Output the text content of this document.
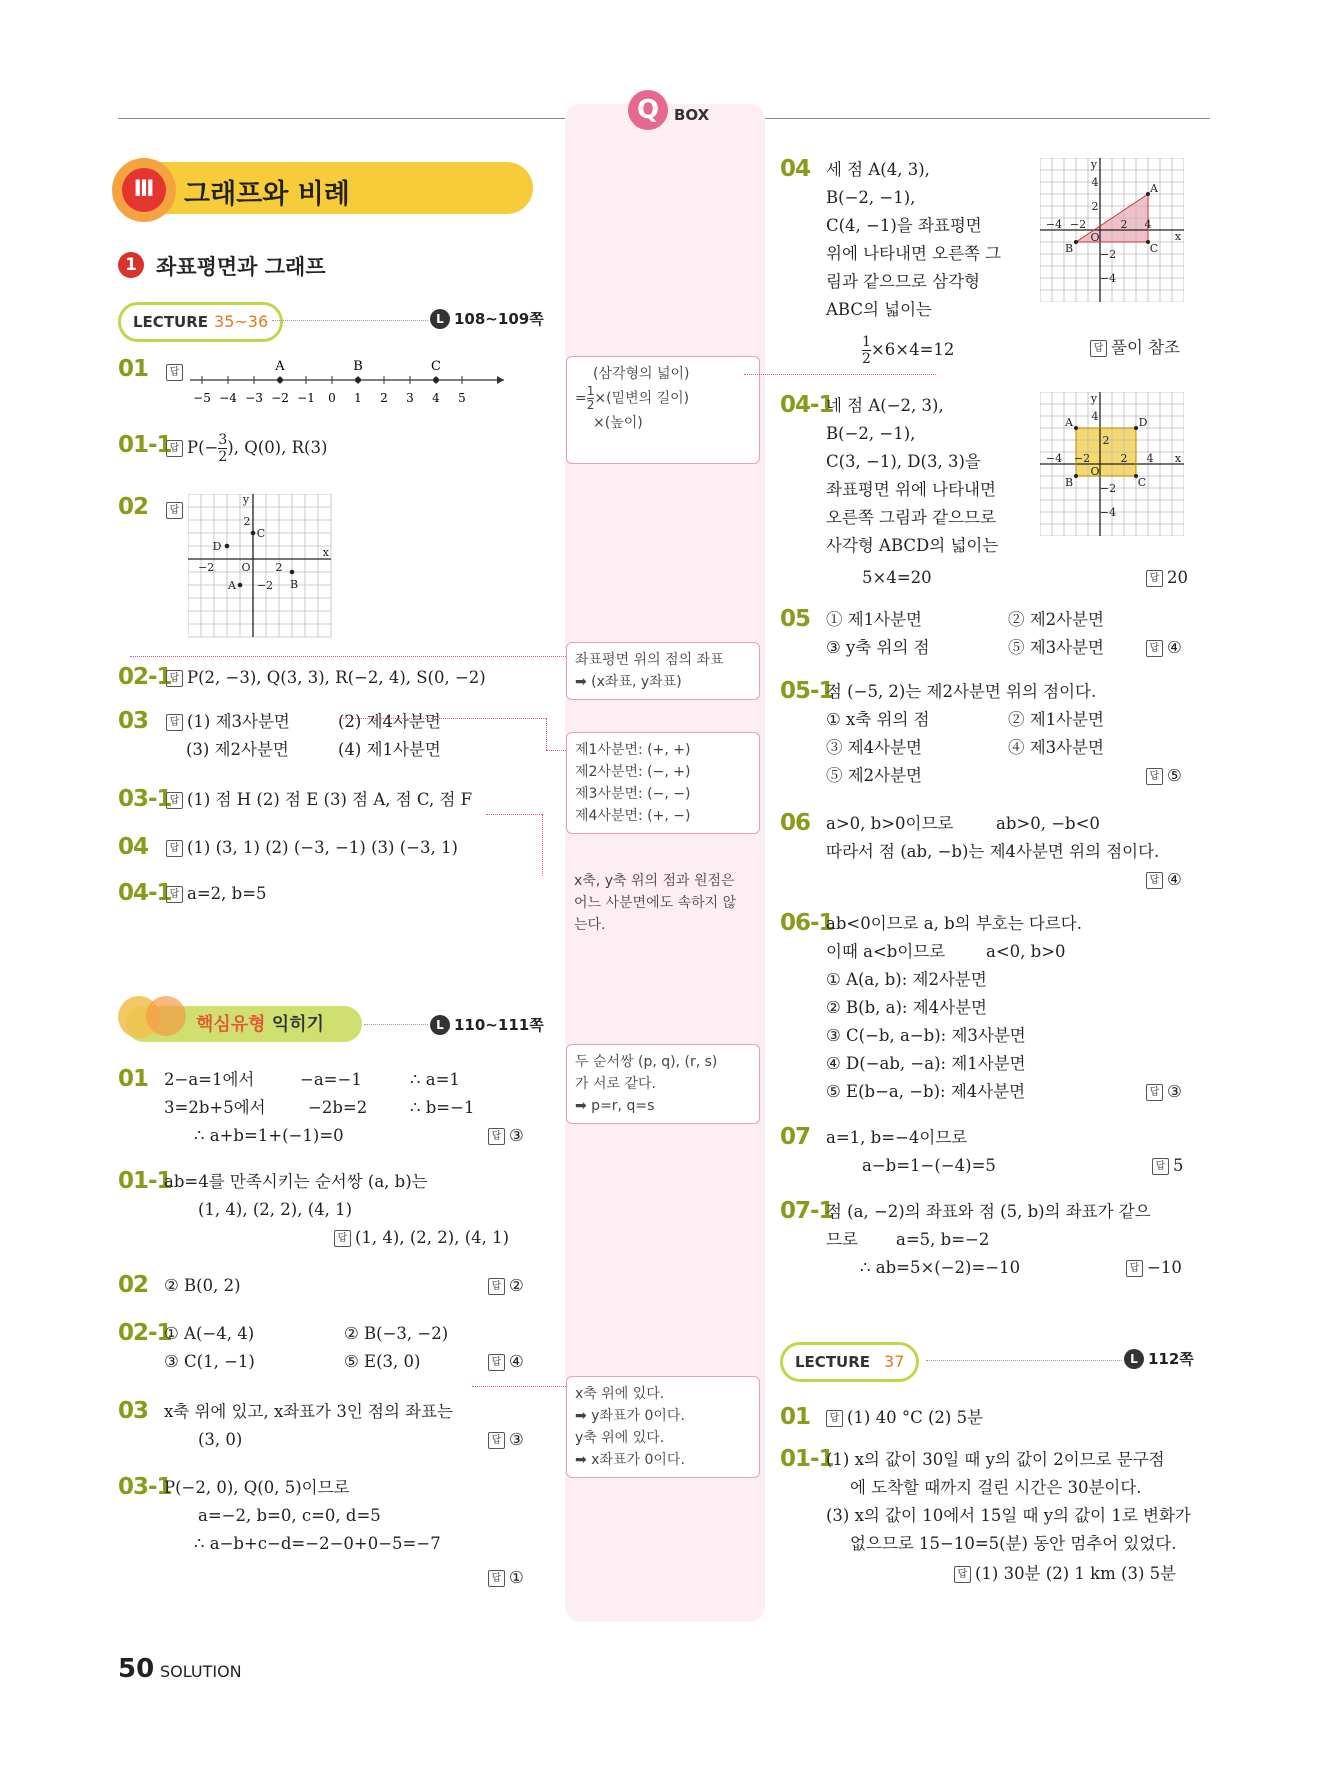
Q BOX
Ⅲ	그래프와 비례
1 좌표평면과 그래프
LECTURE 35~36	L 108~109쪽
01	답
−5 −4 −3 −2 −1 0 1 2 3 4 5
A	B	C
01-1
답 $P(- \frac{3}{2}$ ), Q(0), R(3)
02	답
y
2
C
D
−2 O 2
x
A −2 B
02-1
답 P(2, −3), Q(3, 3), R(−2, 4), S(0, −2)
03	답 (1) 제3사분면	(2) 제4사분면
(3) 제2사분면	(4) 제1사분면
03-1
답 (1) 점 H (2) 점 E (3) 점 A, 점 C, 점 F
04	답 (1) (3, 1) (2) (−3, −1) (3) (−3, 1)
04-1
답 a=2, b=5
핵심유형 익히기	L 110~111쪽
01 2−a=1에서	−a=−1	∴ a=1
3=2b+5에서	−2b=2	∴ b=−1
∴ a+b=1+(−1)=0	답 ③
01-1
ab=4를 만족시키는 순서쌍 (a, b)는
(1, 4), (2, 2), (4, 1)
답 (1, 4), (2, 2), (4, 1)
02 ② B(0, 2)	답 ②
02-1
① A(−4, 4)	② B(−3, −2)
③ C(1, −1)	⑤ E(3, 0)	답 ④
03 x축 위에 있고, x좌표가 3인 점의 좌표는
(3, 0)	답 ③
03-1
P(−2, 0), Q(0, 5)이므로
a=−2, b=0, c=0, d=5
∴ a−b+c−d=−2−0+0−5=−7
답 ①
(삼각형의 넓이)
= $\frac{1}{2}$ ×(밑변의 길이)
×(높이)
좌표평면 위의 점의 좌표
➡ (x좌표, y좌표)
제1사분면: (+, +)
제2사분면: (−, +)
제3사분면: (−, −)
제4사분면: (+, −)
x축, y축 위의 점과 원점은
어느 사분면에도 속하지 않
는다.
두 순서쌍 (p, q), (r, s)
가 서로 같다.
➡ p=r, q=s
x축 위에 있다.
➡ y좌표가 0이다.
y축 위에 있다.
➡ x좌표가 0이다.
04 세 점 A(4, 3),
B(−2, −1),
C(4, −1)을 좌표평면
위에 나타내면 오른쪽 그
림과 같으므로 삼각형
ABC의 넓이는
$\frac{1}{2} \times 6\times 4=12$	답 풀이 참조
y
4	A
2
−4 −2	2 4
x
O
B −2	C
−4
04-1
네 점 A(−2, 3),
B(−2, −1),
C(3, −1), D(3, 3)을
좌표평면 위에 나타내면
오른쪽 그림과 같으므로
사각형 ABCD의 넓이는
5×4=20	답 20
y
4
A	D
2
−4 −2
O
2 4 x
B	C
−2
−4
05 ① 제1사분면	② 제2사분면
③ y축 위의 점	⑤ 제3사분면	답 ④
05-1
점 (−5, 2)는 제2사분면 위의 점이다.
① x축 위의 점	② 제1사분면
③ 제4사분면	④ 제3사분면
⑤ 제2사분면	답 ⑤
06 a>0, b>0이므로	ab>0, −b<0
따라서 점 (ab, −b)는 제4사분면 위의 점이다.
답 ④
06-1
ab<0이므로 a, b의 부호는 다르다.
이때 a<b이므로 a<0, b>0
① A(a, b): 제2사분면
② B(b, a): 제4사분면
③ C(−b, a−b): 제3사분면
④ D(−ab, −a): 제1사분면
⑤ E(b−a, −b): 제4사분면	답 ③
07 a=1, b=−4이므로
a−b=1−(−4)=5	답 5
07-1
점 (a, −2)의 좌표와 점 (5, b)의 좌표가 같으
므로 a=5, b=−2
∴ ab=5×(−2)=−10	답 −10
LECTURE 37	L 112쪽
01	답 (1) 40 °C (2) 5분
01-1
(1) x의 값이 30일 때 y의 값이 2이므로 문구점
에 도착할 때까지 걸린 시간은 30분이다.
(3) x의 값이 10에서 15일 때 y의 값이 1로 변화가
없으므로 15−10=5(분) 동안 멈추어 있었다.
답 (1) 30분 (2) 1 km (3) 5분
50 SOLUTION
